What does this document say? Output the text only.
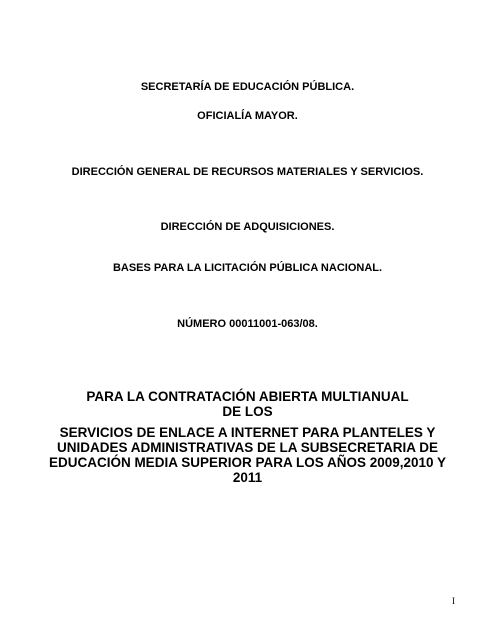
SECRETARÍA DE EDUCACIÓN PÚBLICA.
OFICIALÍA MAYOR.
DIRECCIÓN GENERAL DE RECURSOS MATERIALES Y SERVICIOS.
DIRECCIÓN DE ADQUISICIONES.
BASES PARA LA LICITACIÓN PÚBLICA NACIONAL.
NÚMERO 00011001-063/08.
PARA LA CONTRATACIÓN ABIERTA MULTIANUAL
DE LOS
SERVICIOS DE ENLACE A INTERNET PARA PLANTELES Y
UNIDADES ADMINISTRATIVAS DE LA SUBSECRETARIA DE
EDUCACIÓN MEDIA SUPERIOR PARA LOS AÑOS 2009,2010 Y
2011
I
